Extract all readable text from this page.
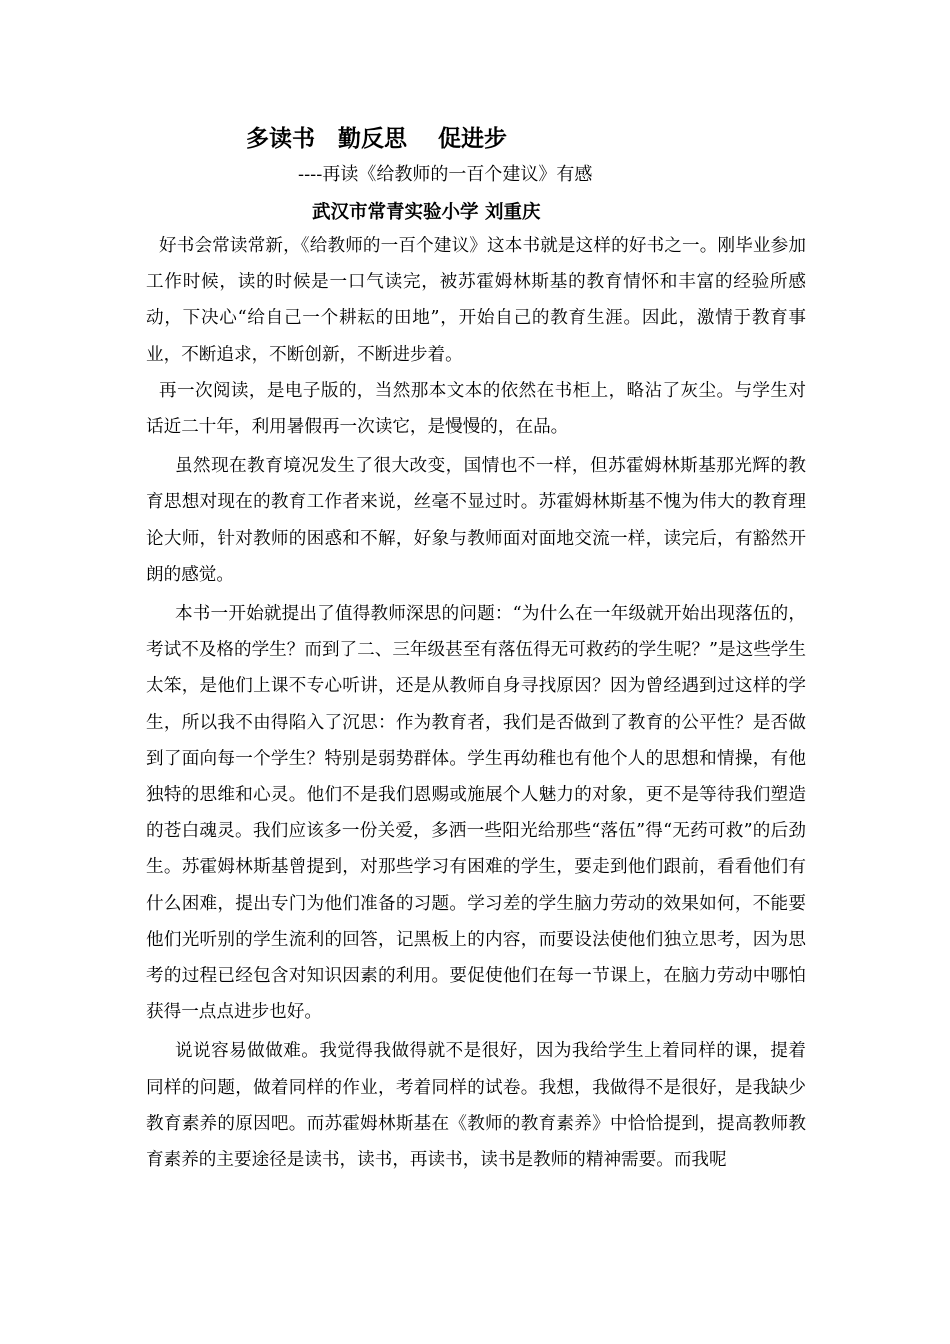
多读书　勤反思　 促进步
----再读《给教师的一百个建议》有感
武汉市常青实验小学 刘重庆

好书会常读常新，《给教师的一百个建议》这本书就是这样的好书之一。刚毕业参加工作时候，读的时候是一口气读完，被苏霍姆林斯基的教育情怀和丰富的经验所感动，下决心“给自己一个耕耘的田地”，开始自己的教育生涯。因此，激情于教育事业，不断追求，不断创新，不断进步着。

再一次阅读，是电子版的，当然那本文本的依然在书柜上，略沾了灰尘。与学生对话近二十年，利用暑假再一次读它，是慢慢的，在品。

虽然现在教育境况发生了很大改变，国情也不一样，但苏霍姆林斯基那光辉的教育思想对现在的教育工作者来说，丝毫不显过时。苏霍姆林斯基不愧为伟大的教育理论大师，针对教师的困惑和不解，好象与教师面对面地交流一样，读完后，有豁然开朗的感觉。

本书一开始就提出了值得教师深思的问题：“为什么在一年级就开始出现落伍的，考试不及格的学生？而到了二、三年级甚至有落伍得无可救药的学生呢？”是这些学生太笨，是他们上课不专心听讲，还是从教师自身寻找原因？因为曾经遇到过这样的学生，所以我不由得陷入了沉思：作为教育者，我们是否做到了教育的公平性？是否做到了面向每一个学生？特别是弱势群体。学生再幼稚也有他个人的思想和情操，有他独特的思维和心灵。他们不是我们恩赐或施展个人魅力的对象，更不是等待我们塑造的苍白魂灵。我们应该多一份关爱，多洒一些阳光给那些“落伍”得“无药可救”的后劲生。苏霍姆林斯基曾提到，对那些学习有困难的学生，要走到他们跟前，看看他们有什么困难，提出专门为他们准备的习题。学习差的学生脑力劳动的效果如何，不能要他们光听别的学生流利的回答，记黑板上的内容，而要设法使他们独立思考，因为思考的过程已经包含对知识因素的利用。要促使他们在每一节课上，在脑力劳动中哪怕获得一点点进步也好。

说说容易做做难。我觉得我做得就不是很好，因为我给学生上着同样的课，提着同样的问题，做着同样的作业，考着同样的试卷。我想，我做得不是很好，是我缺少教育素养的原因吧。而苏霍姆林斯基在《教师的教育素养》中恰恰提到，提高教师教育素养的主要途径是读书，读书，再读书，读书是教师的精神需要。而我呢
